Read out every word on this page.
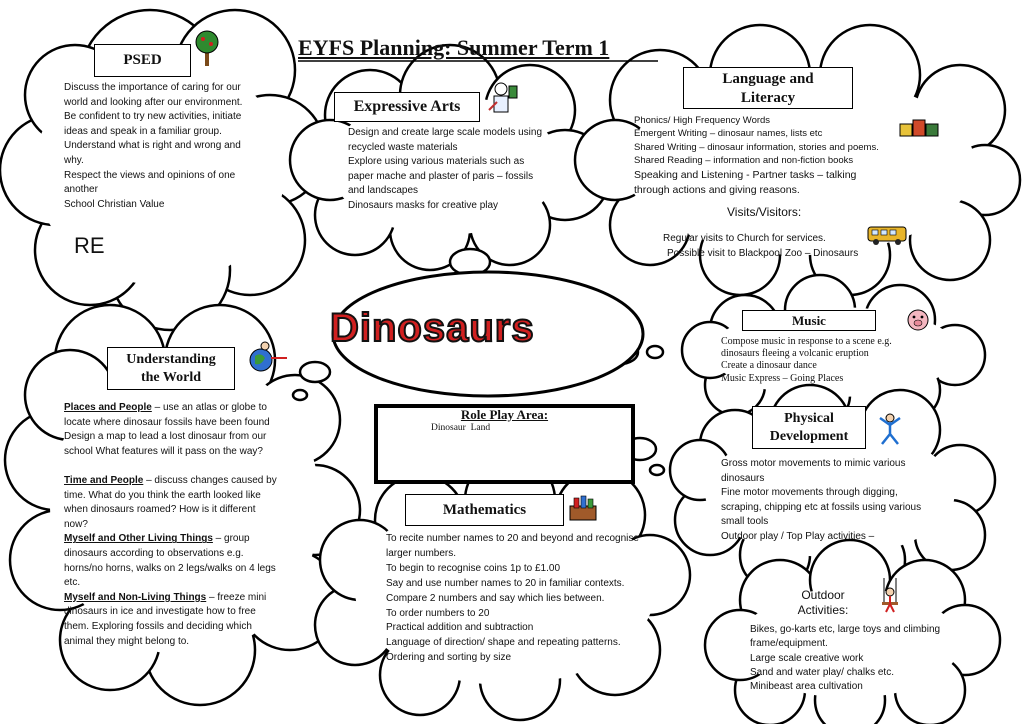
EYFS Planning: Summer Term 1
PSED
Discuss the importance of caring for our
world and looking after our environment.
Be confident to try new activities, initiate
ideas and speak in a familiar group.
Understand what is right and wrong and
why.
Respect the views and opinions of one
another
School Christian Value
RE
Expressive Arts
Design and create large scale models using
recycled waste materials
Explore using various materials such as
paper mache and plaster of paris – fossils
and landscapes
Dinosaurs masks for creative play
Language and
Literacy
Phonics/ High Frequency Words
Emergent Writing – dinosaur names, lists etc
Shared Writing – dinosaur information, stories and poems.
Shared Reading – information and non-fiction books
Speaking and Listening - Partner tasks – talking
through actions and giving reasons.
Visits/Visitors:
Regular visits to Church for services.
Possible visit to Blackpool Zoo – Dinosaurs
Dinosaurs	Music
Compose music in response to a scene e.g.
dinosaurs fleeing a volcanic eruption
Create a dinosaur dance
Music Express – Going Places
Role Play Area:
Dinosaur  Land
Physical
Development
Gross motor movements to mimic various
dinosaurs
Fine motor movements through digging,
scraping, chipping etc at fossils using various
small tools
Outdoor play / Top Play activities –
Understanding
the World
Places and People – use an atlas or globe to
locate where dinosaur fossils have been found
Design a map to lead a lost dinosaur from our
school What features will it pass on the way?
Time and People – discuss changes caused by
time. What do you think the earth looked like
when dinosaurs roamed? How is it different
now?
Myself and Other Living Things – group
dinosaurs according to observations e.g.
horns/no horns, walks on 2 legs/walks on 4 legs
etc.
Myself and Non-Living Things – freeze mini
dinosaurs in ice and investigate how to free
them. Exploring fossils and deciding which
animal they might belong to.
Mathematics
To recite number names to 20 and beyond and recognise
larger numbers.
To begin to recognise coins 1p to £1.00
Say and use number names to 20 in familiar contexts.
Compare 2 numbers and say which lies between.
To order numbers to 20
Practical addition and subtraction
Language of direction/ shape and repeating patterns.
Ordering and sorting by size
Outdoor
Activities:
Bikes, go-karts etc, large toys and climbing
frame/equipment.
Large scale creative work
Sand and water play/ chalks etc.
Minibeast area cultivation
